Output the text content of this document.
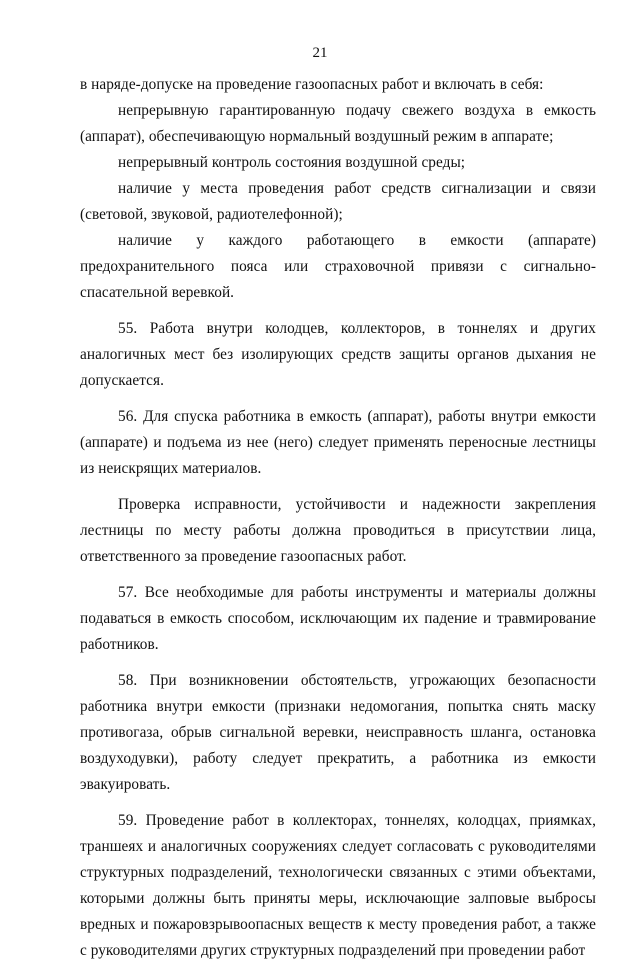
21

в наряде-допуске на проведение газоопасных работ и включать в себя:

непрерывную гарантированную подачу свежего воздуха в емкость (аппарат), обеспечивающую нормальный воздушный режим в аппарате;

непрерывный контроль состояния воздушной среды;

наличие у места проведения работ средств сигнализации и связи (световой, звуковой, радиотелефонной);

наличие у каждого работающего в емкости (аппарате) предохранительного пояса или страховочной привязи с сигнально-спасательной веревкой.

55. Работа внутри колодцев, коллекторов, в тоннелях и других аналогичных мест без изолирующих средств защиты органов дыхания не допускается.

56. Для спуска работника в емкость (аппарат), работы внутри емкости (аппарате) и подъема из нее (него) следует применять переносные лестницы из неискрящих материалов.

Проверка исправности, устойчивости и надежности закрепления лестницы по месту работы должна проводиться в присутствии лица, ответственного за проведение газоопасных работ.

57. Все необходимые для работы инструменты и материалы должны подаваться в емкость способом, исключающим их падение и травмирование работников.

58. При возникновении обстоятельств, угрожающих безопасности работника внутри емкости (признаки недомогания, попытка снять маску противогаза, обрыв сигнальной веревки, неисправность шланга, остановка воздуходувки), работу следует прекратить, а работника из емкости эвакуировать.

59. Проведение работ в коллекторах, тоннелях, колодцах, приямках, траншеях и аналогичных сооружениях следует согласовать с руководителями структурных подразделений, технологически связанных с этими объектами, которыми должны быть приняты меры, исключающие залповые выбросы вредных и пожаровзрывоопасных веществ к месту проведения работ, а также с руководителями других структурных подразделений при проведении работ
